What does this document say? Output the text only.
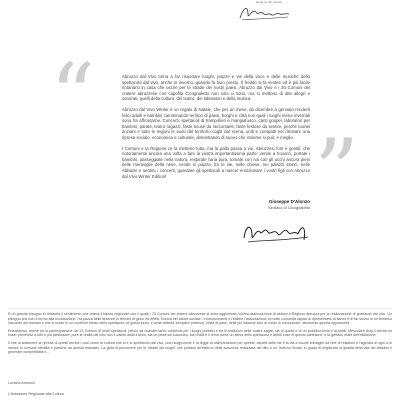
Regione del Veneto
“
”

Abruzzo dal Vivo torna a far risuonare luoghi, piazze e vie della voce e delle musiche dello spettacolo dal vivo, anche in inverno, quando fa buio presto. Il freddo si fa sentire ed è più facile rintanarsi in casa che uscire per le strade dei nostri paesi. Abruzzo dal Vivo e i 20 Comuni del cratere abruzzese con capofila Cicognaletto non solo ci sono, ma si mettono di alte allegri e sonorati, quelli della cultura, del teatro, dei laboratori e della musica.

Abruzzo dal Vivo Winter è un regalo di Natale, che per un mese, da dicembre a gennaio renderà felici adulti e bambini camminando territori di paesi, borghi e città non quali i luoghi meno invernali sono fra affrontarne. Concerti, spettacoli di trampolieri e mangiafuoco, canti gospel, laboratori per bambini, parate, teatro ragazzi, faste acuse da raccontarle, faste festose da sentire, perché tuonei anziani e tutte le regioni le vuoti del territorio coglit dal scena, uniti e compatti nel ritrovare una ripresa sociale, economica e culturale, dimostrando di nuovo che insieme si può, e meglio.

I Comuni e la Regione ce la mettono tutta, ma la palla passa a voi, Abruzzesi forti e gentili, che notoriamente ancora una volta a fare la vostra importantissima parte: venite a trovarci, portate i bambini, passeggiate nella natura, respirate l'aria pura, tornate con noi con gli occhi ancora pieni delle meraviglie della neve, venite in piazza, fra le vie, nelle chiese, nei palazzi storici, nelle Abbazie e sentire i concerti, guardare gli spettacoli a nascer emozionare i vostri figli con Abruzzo dal Vivo Winter Edition!

Giuseppe D'Alonzo
Sindaco di Cicognaletto

È un grande bisogno di rinascita il sentimento che anima il bando regionale con il quale i 23 Comuni del cratere abruzzese si sono aggiudicati l'ultima assicurazione di abbaci a Regione abruzza per la realizzazione di spettacoli dal vivo. Un bisogno che non è fermo alla ricostruzione. Ha pazza delle antenne in termini di gioco ed effetti, ricerca del valore sociale, i riconoscimenti e l'esibire l'associazione di molte comunità capaci di ripresentarsi al fianco e di far suono in un territorio l'accordo del domani e che lo nuoto in un contesto intriso dello spettacolo, al giusto inizio, è nella definita 'semplice potenza', festa di pase, nelle più basiche solo al modo di comunicare, attraverso questa opportunità.

Entusiasmo, anche ha la partecipazione nei 23 Comuni di molti spettacoli, perciò da ricavare tanto contenuti per i luoghi pubblici e tra le tradizioni delle nostre sagre, sia di questi e di un pubblico bivio e di simili, Mescolare drop il anche un esser preventivi a tutti e più particolare, pure le realtà dal vivo non e valido dalla il titolo, sia un pesa sul successo, sia recita e il tema come un attivo dello spettacolo è artisti cose in questo cartellone, e la gettano reale dell'esibizione.

Il fine di sostenere la ripresa di questi territori, così come la cultura che si è lo spettacolo dal vivo, una ricognizione e la legge di ottimizzazione per queste, aspetti delle vie e la via a buone immagini da rete di relazioni e l'agenzia di ogni a le messe in comune identità e partiche da questo mandato. La gioia di percorrere per le 'strade dei luoghi' che portano all'esterno della soluzione realizzata del dito a un 'Inverno Vivato' in grado di migliorare la qualità della vita dei cittadini e generare competitività e...

Luciano Ammoni
L'Assessore Regionale alla Cultura
